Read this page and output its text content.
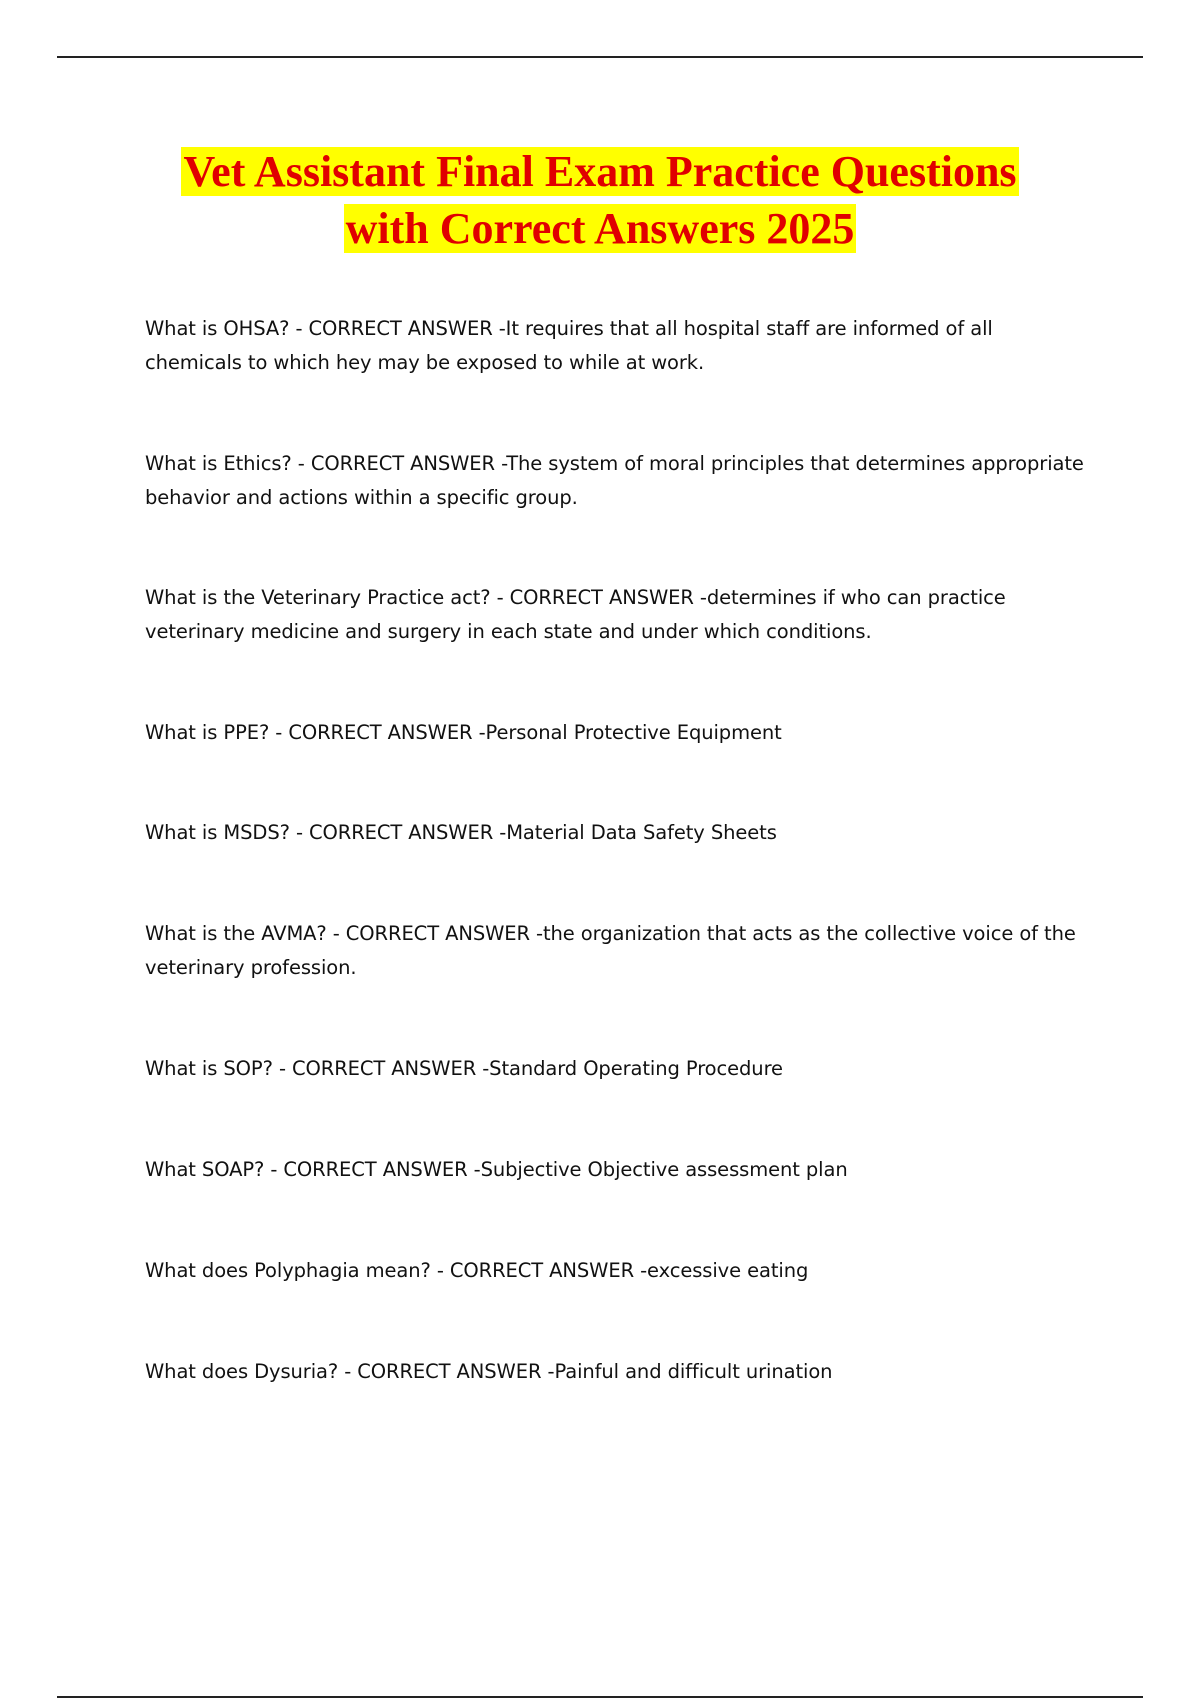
Vet Assistant Final Exam Practice Questions
with Correct Answers 2025
What is OHSA? - CORRECT ANSWER -It requires that all hospital staff are informed of all chemicals to which hey may be exposed to while at work.
What is Ethics? - CORRECT ANSWER -The system of moral principles that determines appropriate behavior and actions within a specific group.
What is the Veterinary Practice act? - CORRECT ANSWER -determines if who can practice veterinary medicine and surgery in each state and under which conditions.
What is PPE? - CORRECT ANSWER -Personal Protective Equipment
What is MSDS? - CORRECT ANSWER -Material Data Safety Sheets
What is the AVMA? - CORRECT ANSWER -the organization that acts as the collective voice of the veterinary profession.
What is SOP? - CORRECT ANSWER -Standard Operating Procedure
What SOAP? - CORRECT ANSWER -Subjective Objective assessment plan
What does Polyphagia mean? - CORRECT ANSWER -excessive eating
What does Dysuria? - CORRECT ANSWER -Painful and difficult urination
